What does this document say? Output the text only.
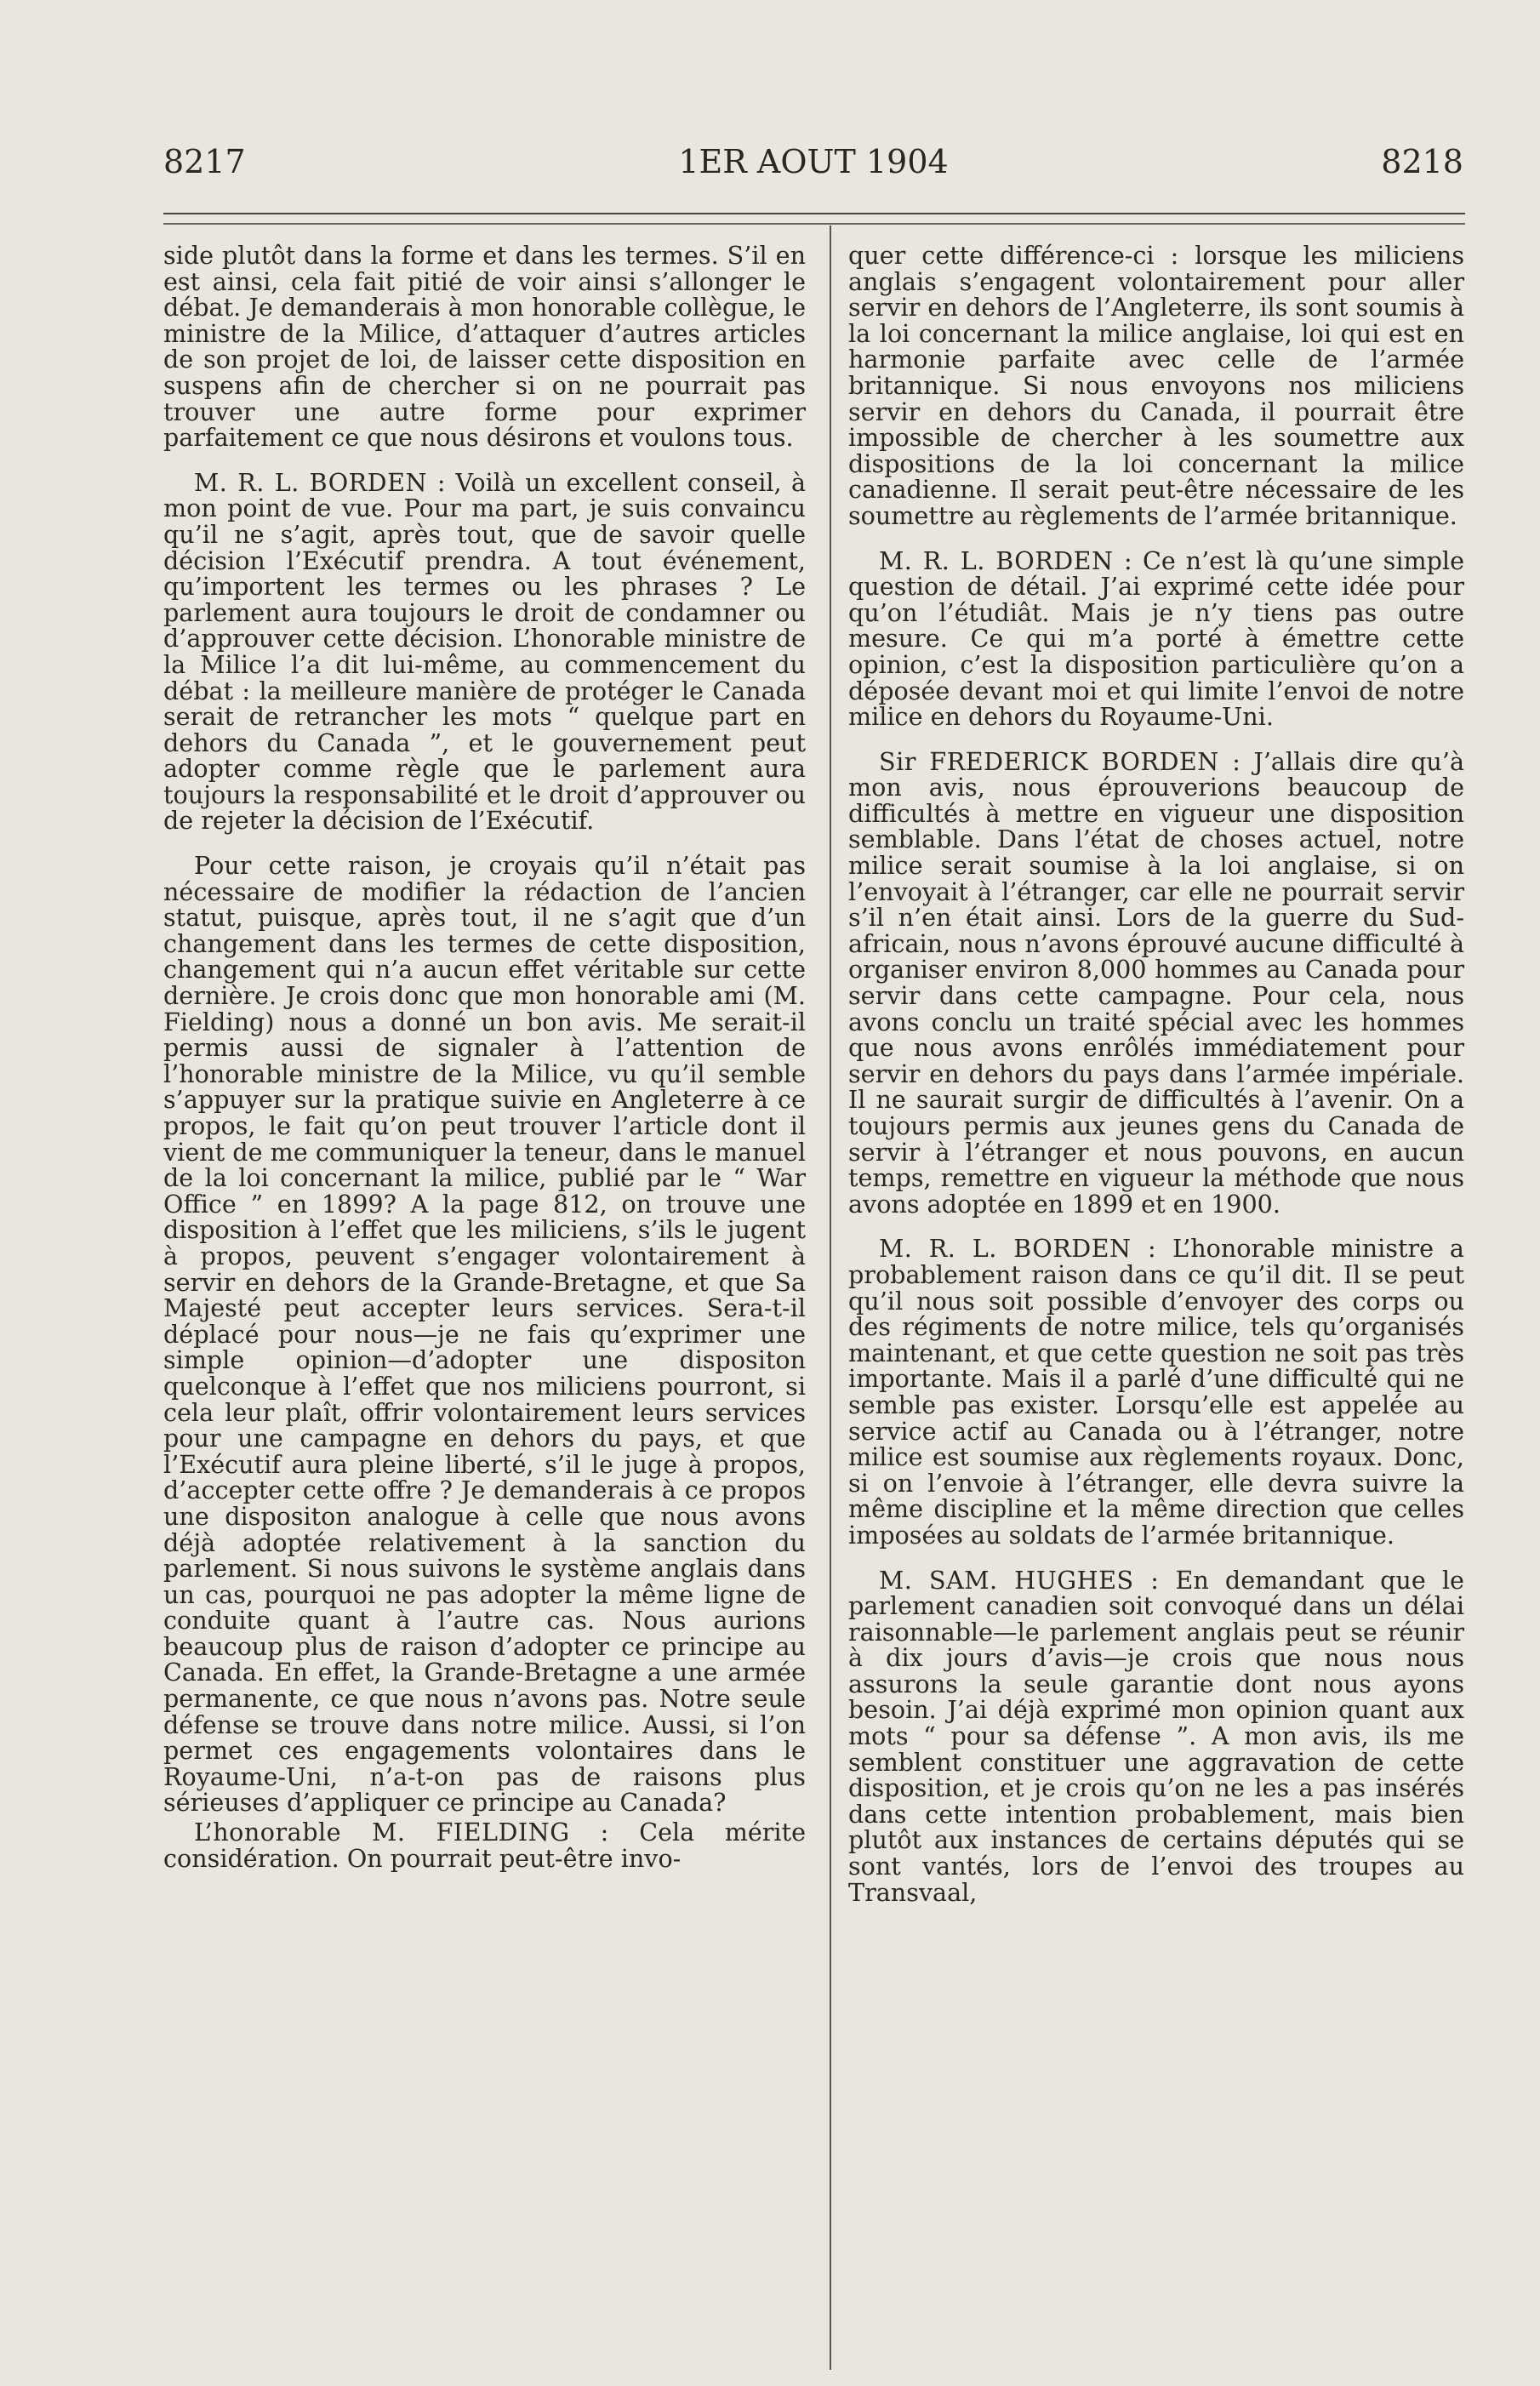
8217	1ER AOUT 1904	8218

side plutôt dans la forme et dans les termes. S’il en est ainsi, cela fait pitié de voir ainsi s’allonger le débat. Je demanderais à mon honorable collègue, le ministre de la Milice, d’attaquer d’autres articles de son projet de loi, de laisser cette disposition en suspens afin de chercher si on ne pourrait pas trouver une autre forme pour exprimer parfaitement ce que nous désirons et voulons tous.

M. R. L. BORDEN : Voilà un excellent conseil, à mon point de vue. Pour ma part, je suis convaincu qu’il ne s’agit, après tout, que de savoir quelle décision l’Exécutif prendra. A tout événement, qu’importent les termes ou les phrases ? Le parlement aura toujours le droit de condamner ou d’approuver cette décision. L’honorable ministre de la Milice l’a dit lui-même, au commencement du débat : la meilleure manière de protéger le Canada serait de retrancher les mots “ quelque part en dehors du Canada ”, et le gouvernement peut adopter comme règle que le parlement aura toujours la responsabilité et le droit d’approuver ou de rejeter la décision de l’Exécutif.

Pour cette raison, je croyais qu’il n’était pas nécessaire de modifier la rédaction de l’ancien statut, puisque, après tout, il ne s’agit que d’un changement dans les termes de cette disposition, changement qui n’a aucun effet véritable sur cette dernière. Je crois donc que mon honorable ami (M. Fielding) nous a donné un bon avis. Me serait-il permis aussi de signaler à l’attention de l’honorable ministre de la Milice, vu qu’il semble s’appuyer sur la pratique suivie en Angleterre à ce propos, le fait qu’on peut trouver l’article dont il vient de me communiquer la teneur, dans le manuel de la loi concernant la milice, publié par le “ War Office ” en 1899? A la page 812, on trouve une disposition à l’effet que les miliciens, s’ils le jugent à propos, peuvent s’engager volontairement à servir en dehors de la Grande-Bretagne, et que Sa Majesté peut accepter leurs services. Sera-t-il déplacé pour nous—je ne fais qu’exprimer une simple opinion—d’adopter une dispositon quelconque à l’effet que nos miliciens pourront, si cela leur plaît, offrir volontairement leurs services pour une campagne en dehors du pays, et que l’Exécutif aura pleine liberté, s’il le juge à propos, d’accepter cette offre ? Je demanderais à ce propos une dispositon analogue à celle que nous avons déjà adoptée relativement à la sanction du parlement. Si nous suivons le système anglais dans un cas, pourquoi ne pas adopter la même ligne de conduite quant à l’autre cas. Nous aurions beaucoup plus de raison d’adopter ce principe au Canada. En effet, la Grande-Bretagne a une armée permanente, ce que nous n’avons pas. Notre seule défense se trouve dans notre milice. Aussi, si l’on permet ces engagements volontaires dans le Royaume-Uni, n’a-t-on pas de raisons plus sérieuses d’appliquer ce principe au Canada?

L’honorable M. FIELDING : Cela mérite considération. On pourrait peut-être invo-

quer cette différence-ci : lorsque les miliciens anglais s’engagent volontairement pour aller servir en dehors de l’Angleterre, ils sont soumis à la loi concernant la milice anglaise, loi qui est en harmonie parfaite avec celle de l’armée britannique. Si nous envoyons nos miliciens servir en dehors du Canada, il pourrait être impossible de chercher à les soumettre aux dispositions de la loi concernant la milice canadienne. Il serait peut-être nécessaire de les soumettre au règlements de l’armée britannique.

M. R. L. BORDEN : Ce n’est là qu’une simple question de détail. J’ai exprimé cette idée pour qu’on l’étudiât. Mais je n’y tiens pas outre mesure. Ce qui m’a porté à émettre cette opinion, c’est la disposition particulière qu’on a déposée devant moi et qui limite l’envoi de notre milice en dehors du Royaume-Uni.

Sir FREDERICK BORDEN : J’allais dire qu’à mon avis, nous éprouverions beaucoup de difficultés à mettre en vigueur une disposition semblable. Dans l’état de choses actuel, notre milice serait soumise à la loi anglaise, si on l’envoyait à l’étranger, car elle ne pourrait servir s’il n’en était ainsi. Lors de la guerre du Sud-africain, nous n’avons éprouvé aucune difficulté à organiser environ 8,000 hommes au Canada pour servir dans cette campagne. Pour cela, nous avons conclu un traité spécial avec les hommes que nous avons enrôlés immédiatement pour servir en dehors du pays dans l’armée impériale. Il ne saurait surgir de difficultés à l’avenir. On a toujours permis aux jeunes gens du Canada de servir à l’étranger et nous pouvons, en aucun temps, remettre en vigueur la méthode que nous avons adoptée en 1899 et en 1900.

M. R. L. BORDEN : L’honorable ministre a probablement raison dans ce qu’il dit. Il se peut qu’il nous soit possible d’envoyer des corps ou des régiments de notre milice, tels qu’organisés maintenant, et que cette question ne soit pas très importante. Mais il a parlé d’une difficulté qui ne semble pas exister. Lorsqu’elle est appelée au service actif au Canada ou à l’étranger, notre milice est soumise aux règlements royaux. Donc, si on l’envoie à l’étranger, elle devra suivre la même discipline et la même direction que celles imposées au soldats de l’armée britannique.

M. SAM. HUGHES : En demandant que le parlement canadien soit convoqué dans un délai raisonnable—le parlement anglais peut se réunir à dix jours d’avis—je crois que nous nous assurons la seule garantie dont nous ayons besoin. J’ai déjà exprimé mon opinion quant aux mots “ pour sa défense ”. A mon avis, ils me semblent constituer une aggravation de cette disposition, et je crois qu’on ne les a pas insérés dans cette intention probablement, mais bien plutôt aux instances de certains députés qui se sont vantés, lors de l’envoi des troupes au Transvaal,
